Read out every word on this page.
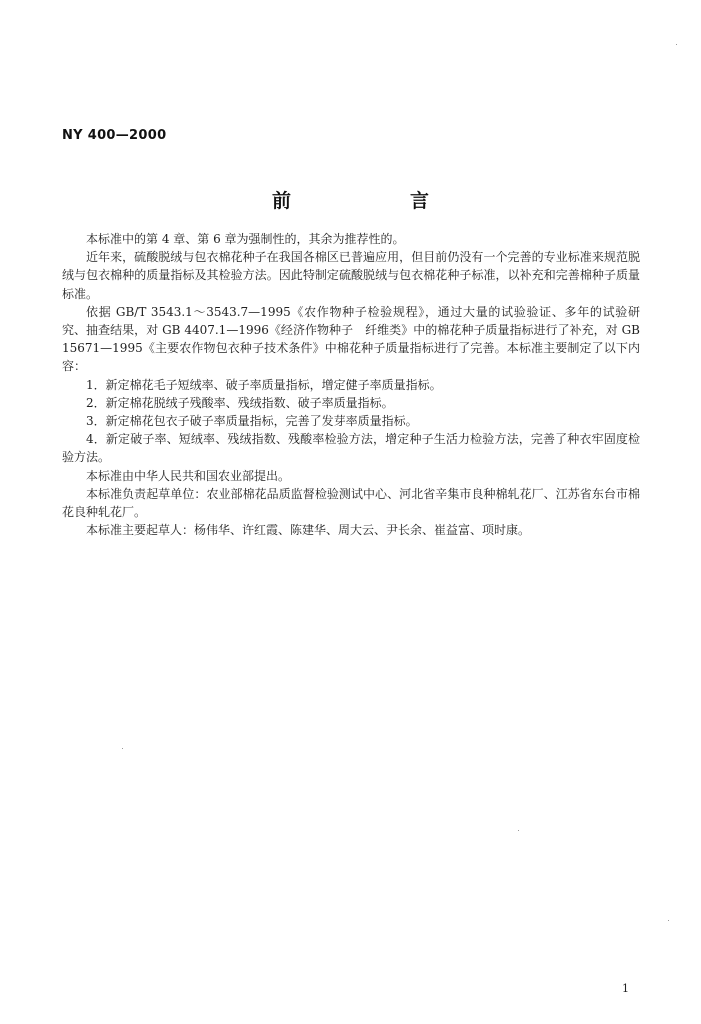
NY 400—2000
前　言

本标准中的第 4 章、第 6 章为强制性的，其余为推荐性的。

近年来，硫酸脱绒与包衣棉花种子在我国各棉区已普遍应用，但目前仍没有一个完善的专业标准来规范脱绒与包衣棉种的质量指标及其检验方法。因此特制定硫酸脱绒与包衣棉花种子标准，以补充和完善棉种子质量标准。

依据 GB/T 3543.1～3543.7—1995《农作物种子检验规程》，通过大量的试验验证、多年的试验研究、抽查结果，对 GB 4407.1—1996《经济作物种子　纤维类》中的棉花种子质量指标进行了补充，对 GB 15671—1995《主要农作物包衣种子技术条件》中棉花种子质量指标进行了完善。本标准主要制定了以下内容：

1．新定棉花毛子短绒率、破子率质量指标，增定健子率质量指标。

2．新定棉花脱绒子残酸率、残绒指数、破子率质量指标。

3．新定棉花包衣子破子率质量指标，完善了发芽率质量指标。

4．新定破子率、短绒率、残绒指数、残酸率检验方法，增定种子生活力检验方法，完善了种衣牢固度检验方法。

本标准由中华人民共和国农业部提出。

本标准负责起草单位：农业部棉花品质监督检验测试中心、河北省辛集市良种棉轧花厂、江苏省东台市棉花良种轧花厂。

本标准主要起草人：杨伟华、许红霞、陈建华、周大云、尹长余、崔益富、项时康。

1
